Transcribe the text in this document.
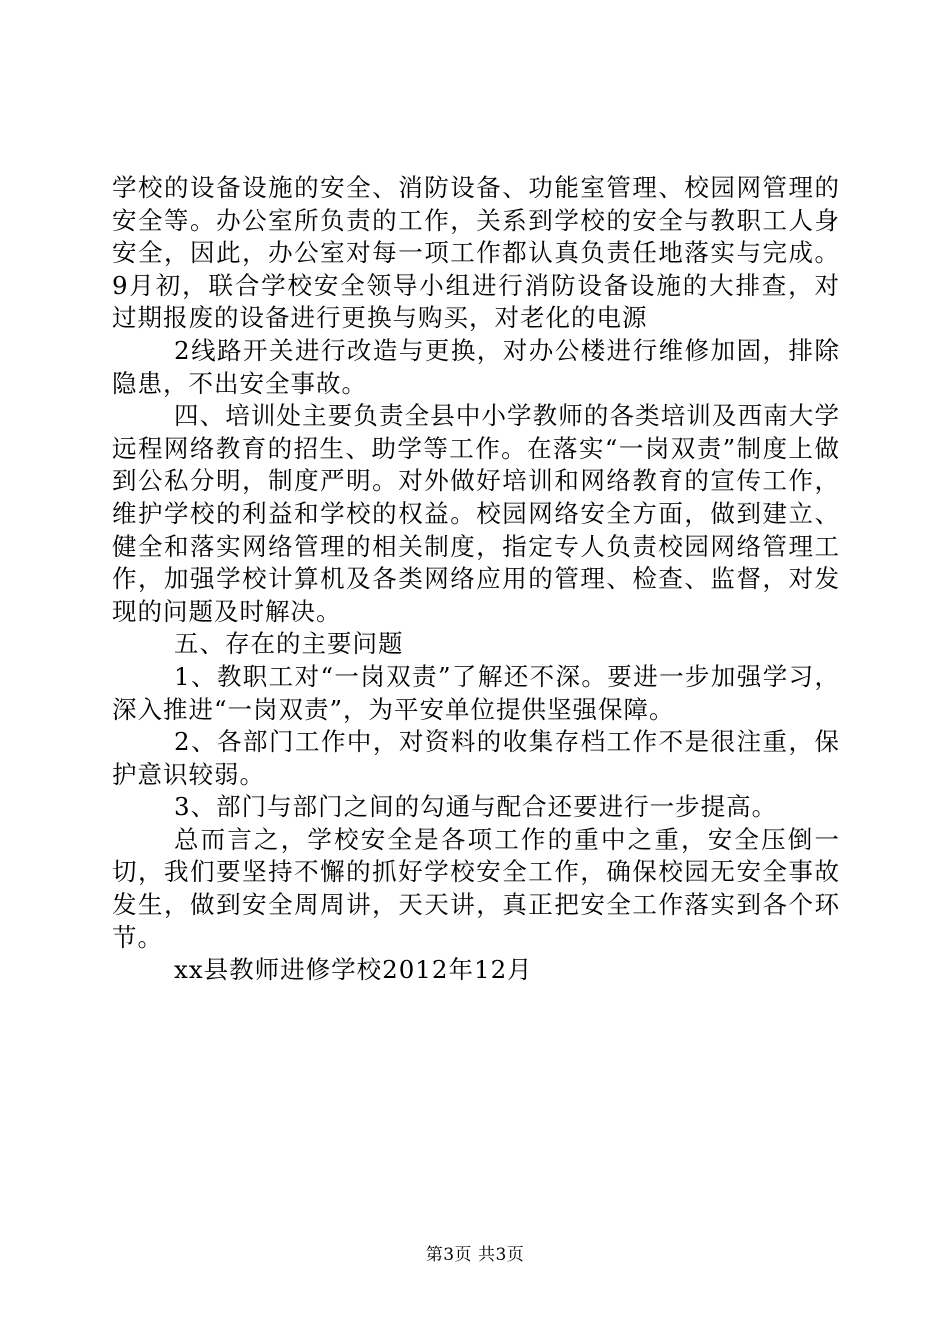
学校的设备设施的安全、消防设备、功能室管理、校园网管理的安全等。办公室所负责的工作，关系到学校的安全与教职工人身安全，因此，办公室对每一项工作都认真负责任地落实与完成。9月初，联合学校安全领导小组进行消防设备设施的大排查，对过期报废的设备进行更换与购买，对老化的电源

2线路开关进行改造与更换，对办公楼进行维修加固，排除隐患，不出安全事故。

四、培训处主要负责全县中小学教师的各类培训及西南大学远程网络教育的招生、助学等工作。在落实“一岗双责”制度上做到公私分明，制度严明。对外做好培训和网络教育的宣传工作，维护学校的利益和学校的权益。校园网络安全方面，做到建立、健全和落实网络管理的相关制度，指定专人负责校园网络管理工作，加强学校计算机及各类网络应用的管理、检查、监督，对发现的问题及时解决。

五、存在的主要问题

1、教职工对“一岗双责”了解还不深。要进一步加强学习，深入推进“一岗双责”，为平安单位提供坚强保障。

2、各部门工作中，对资料的收集存档工作不是很注重，保护意识较弱。

3、部门与部门之间的勾通与配合还要进行一步提高。

总而言之，学校安全是各项工作的重中之重，安全压倒一切，我们要坚持不懈的抓好学校安全工作，确保校园无安全事故发生，做到安全周周讲，天天讲，真正把安全工作落实到各个环节。

xx县教师进修学校2012年12月

第3页 共3页
